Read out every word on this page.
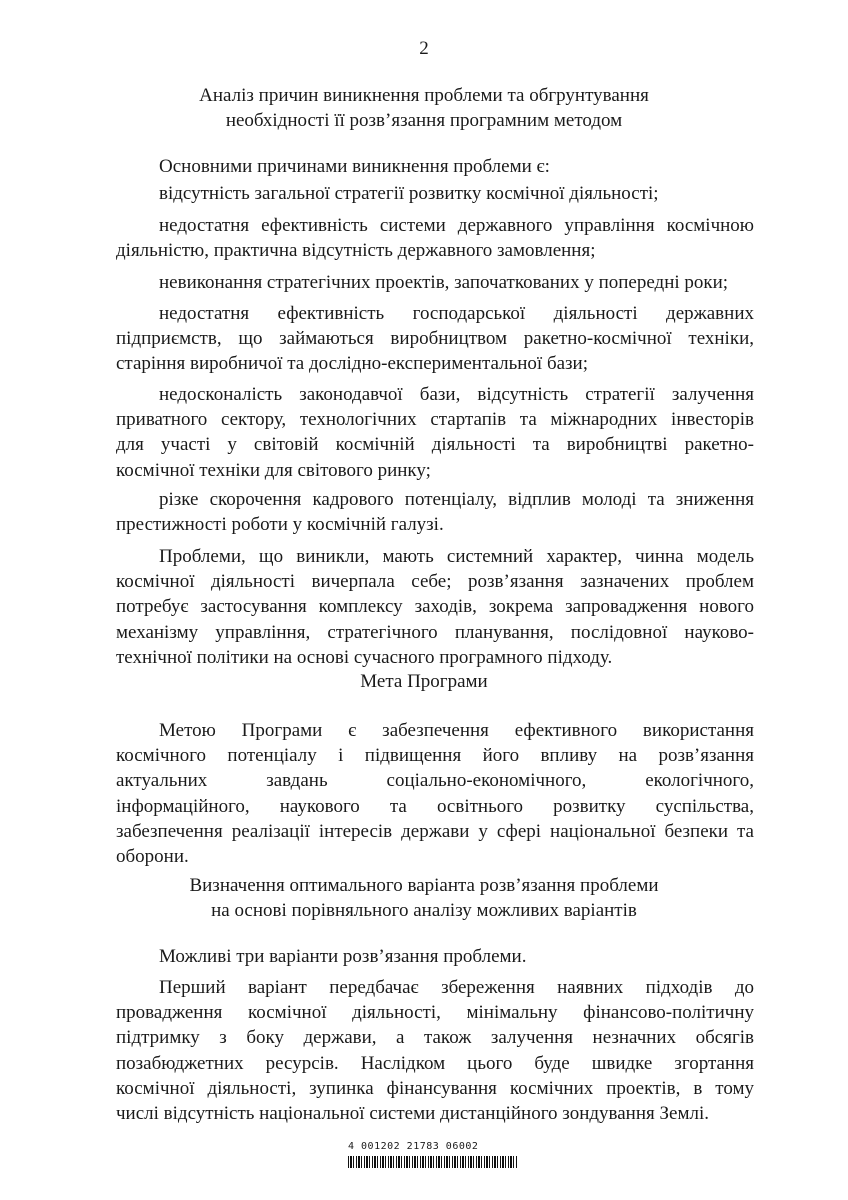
2
Аналіз причин виникнення проблеми та обгрунтування
необхідності її розв’язання програмним методом
Основними причинами виникнення проблеми є:
відсутність загальної стратегії розвитку космічної діяльності;
недостатня ефективність системи державного управління космічною
діяльністю, практична відсутність державного замовлення;
невиконання стратегічних проектів, започаткованих у попередні роки;
недостатня ефективність господарської діяльності державних
підприємств, що займаються виробництвом ракетно-космічної техніки,
старіння виробничої та дослідно-експериментальної бази;
недосконалість законодавчої бази, відсутність стратегії залучення
приватного сектору, технологічних стартапів та міжнародних інвесторів
для участі у світовій космічній діяльності та виробництві ракетно-
космічної техніки для світового ринку;
різке скорочення кадрового потенціалу, відплив молоді та зниження
престижності роботи у космічній галузі.
Проблеми, що виникли, мають системний характер, чинна модель
космічної діяльності вичерпала себе; розв’язання зазначених проблем
потребує застосування комплексу заходів, зокрема запровадження нового
механізму управління, стратегічного планування, послідовної науково-
технічної політики на основі сучасного програмного підходу.
Мета Програми
Метою Програми є забезпечення ефективного використання
космічного потенціалу і підвищення його впливу на розв’язання
актуальних завдань соціально-економічного, екологічного,
інформаційного, наукового та освітнього розвитку суспільства,
забезпечення реалізації інтересів держави у сфері національної безпеки та
оборони.
Визначення оптимального варіанта розв’язання проблеми
на основі порівняльного аналізу можливих варіантів
Можливі три варіанти розв’язання проблеми.
Перший варіант передбачає збереження наявних підходів до
провадження космічної діяльності, мінімальну фінансово-політичну
підтримку з боку держави, а також залучення незначних обсягів
позабюджетних ресурсів. Наслідком цього буде швидке згортання
космічної діяльності, зупинка фінансування космічних проектів, в тому
числі відсутність національної системи дистанційного зондування Землі.
4 001202 21783 06002
